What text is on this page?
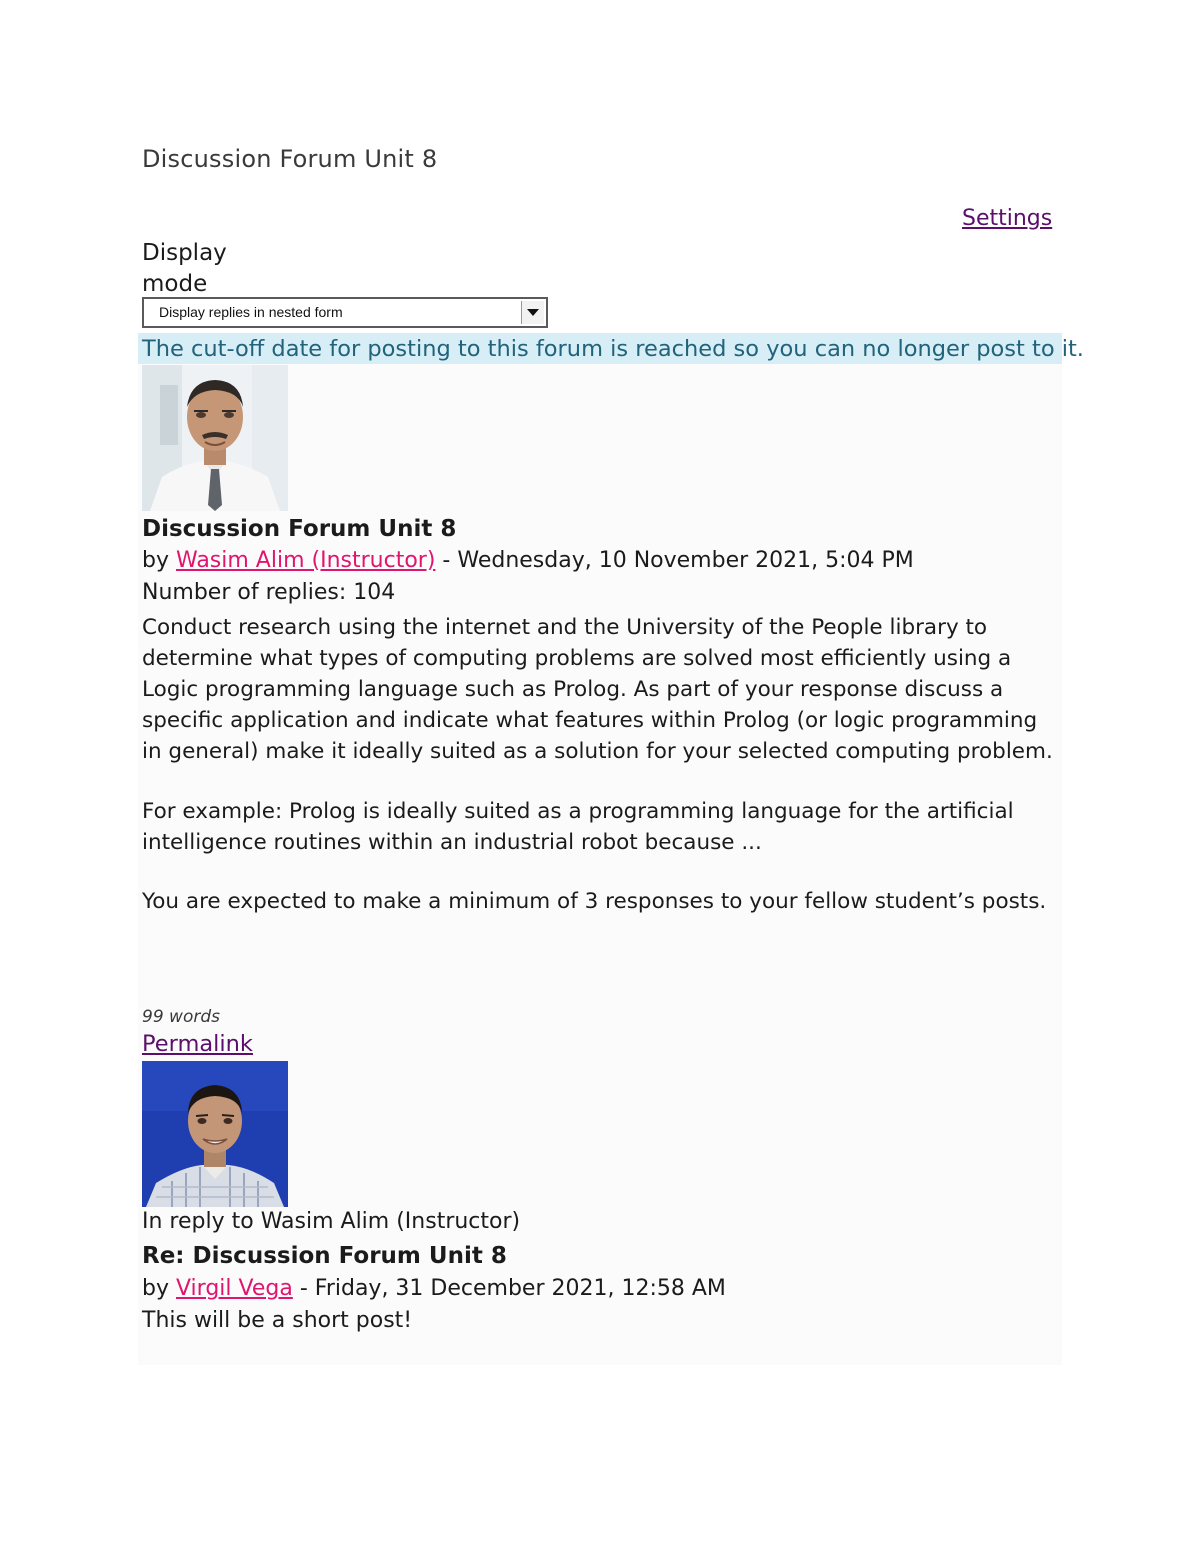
Discussion Forum Unit 8
Settings
Display
mode
Display replies in nested form
The cut-off date for posting to this forum is reached so you can no longer post to it.
Discussion Forum Unit 8
by Wasim Alim (Instructor) - Wednesday, 10 November 2021, 5:04 PM
Number of replies: 104
Conduct research using the internet and the University of the People library to determine what types of computing problems are solved most efficiently using a Logic programming language such as Prolog. As part of your response discuss a specific application and indicate what features within Prolog (or logic programming in general) make it ideally suited as a solution for your selected computing problem.
For example: Prolog is ideally suited as a programming language for the artificial intelligence routines within an industrial robot because ...
You are expected to make a minimum of 3 responses to your fellow student’s posts.
99 words
Permalink
In reply to Wasim Alim (Instructor)
Re: Discussion Forum Unit 8
by Virgil Vega - Friday, 31 December 2021, 12:58 AM
This will be a short post!
